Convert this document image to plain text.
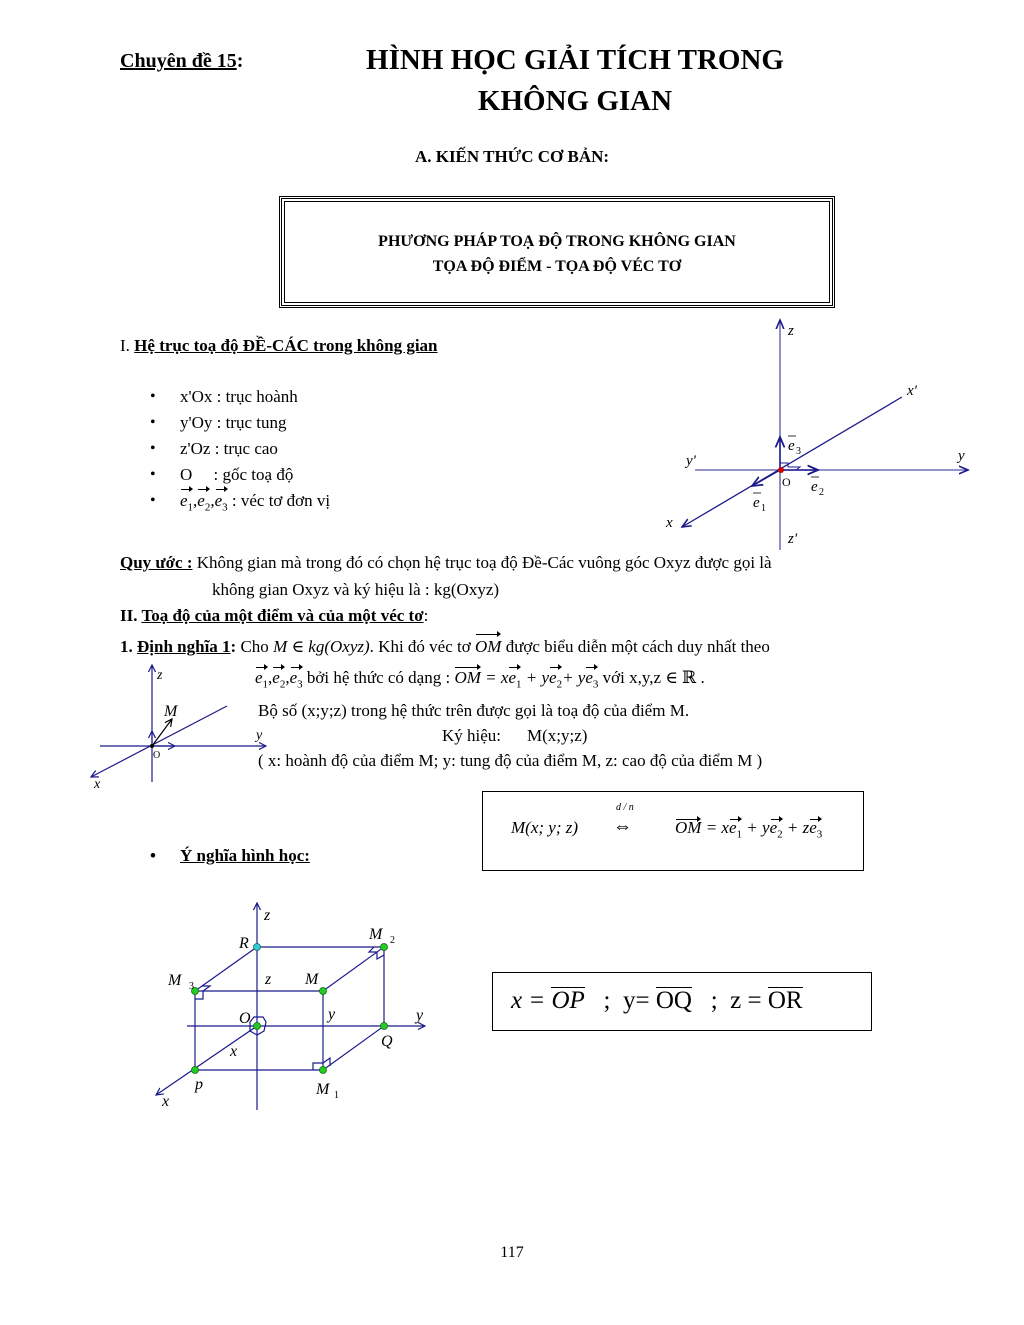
Chuyên đề 15:	HÌNH HỌC GIẢI TÍCH TRONG
KHÔNG GIAN
A. KIẾN THỨC CƠ BẢN:
PHƯƠNG PHÁP TOẠ ĐỘ TRONG KHÔNG GIAN
TỌA ĐỘ ĐIỂM - TỌA ĐỘ VÉC TƠ
I. Hệ trục toạ độ ĐỀ-CÁC trong không gian
• x'Ox : trục hoành
• y'Oy : trục tung
• z'Oz : trục cao
• O     : gốc toạ độ
• $e_1,e_2,e_3$ : véc tơ đơn vị
z
z'
x'
x
y
y'
O
e 3
e 2
e 1
Quy ước : Không gian mà trong đó có chọn hệ trục toạ độ Đề-Các vuông góc Oxyz được gọi là
không gian Oxyz và ký hiệu là : kg(Oxyz)
II. Toạ độ của một điểm và của một véc tơ:
1. Định nghĩa 1: Cho M ∈ kg(Oxyz). Khi đó véc tơ OM được biểu diễn một cách duy nhất theo
$e_1,e_2,e_3$ bởi hệ thức có dạng : OM = $xe_1 + ye_2+ ye_3$ với x,y,z ∈ ℝ .
Bộ số (x;y;z) trong hệ thức trên được gọi là toạ độ của điểm M.
Ký hiệu: M(x;y;z)
( x: hoành độ của điểm M; y: tung độ của điểm M, z: cao độ của điểm M )
z
M
y
x
O
M(x; y; z)
d / n
⇔	OM = $xe_1 + ye_2 + ze_3$
• Ý nghĩa hình học:
z
y
x
R
M 2
M 3	M
z
y
x
O
Q
p	M 1
x = OP   ;  y= OQ   ;  z = OR
117
